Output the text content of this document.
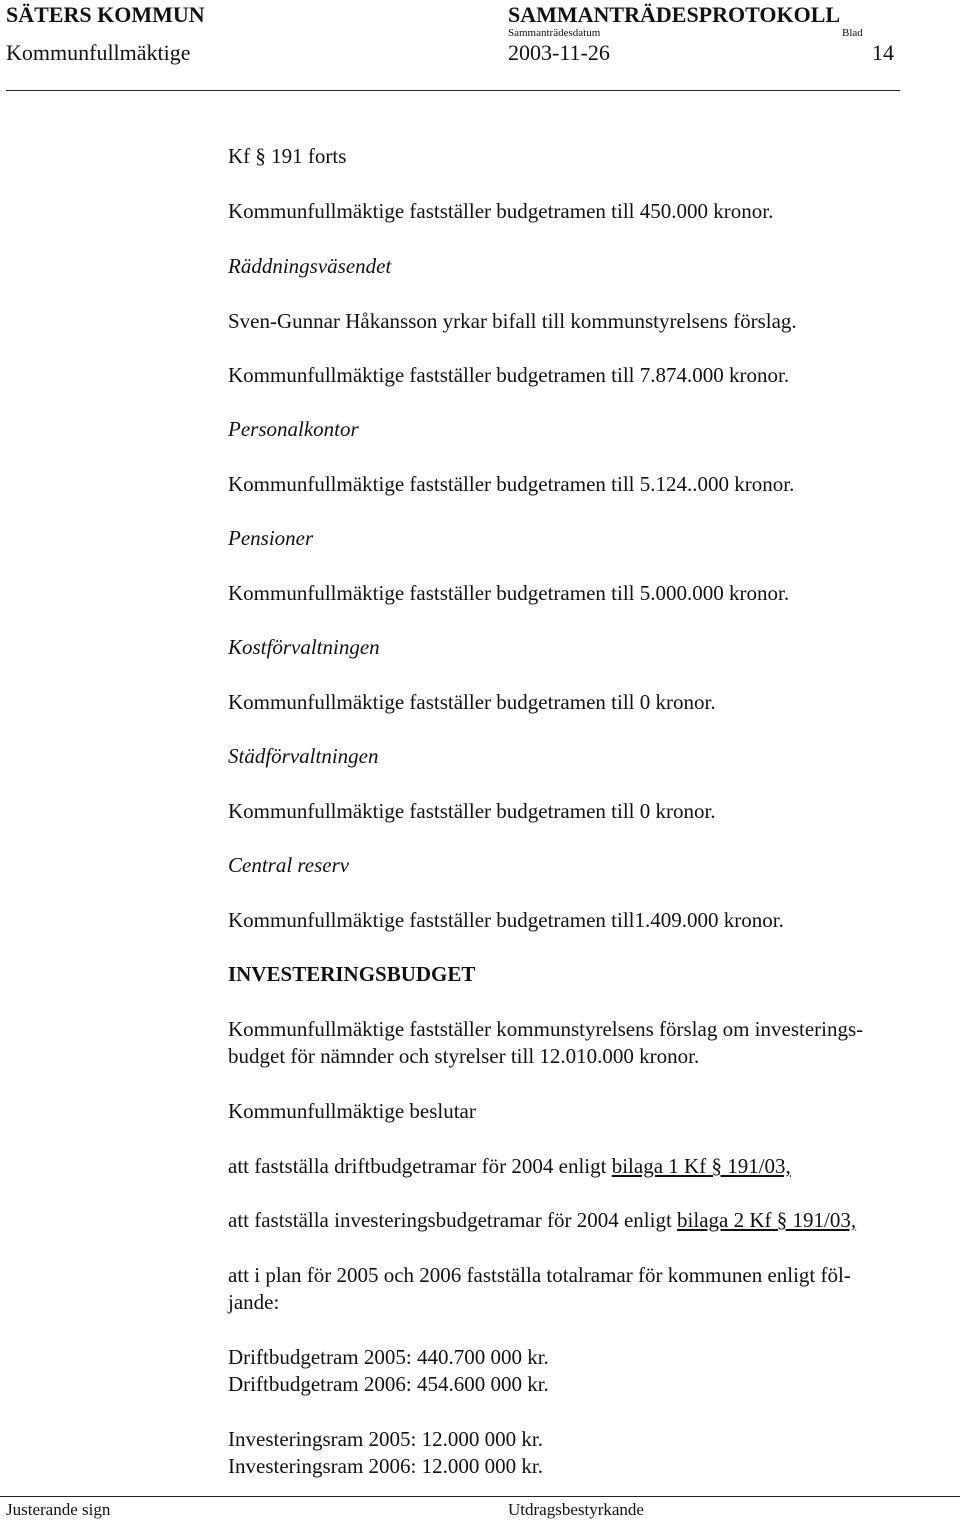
SÄTERS KOMMUN	SAMMANTRÄDESPROTOKOLL
Kommunfullmäktige
Sammanträdesdatum
2003-11-26
Blad
14
Kf § 191 forts
Kommunfullmäktige fastställer budgetramen till 450.000 kronor.
Räddningsväsendet
Sven-Gunnar Håkansson yrkar bifall till kommunstyrelsens förslag.
Kommunfullmäktige fastställer budgetramen till 7.874.000 kronor.
Personalkontor
Kommunfullmäktige fastställer budgetramen till 5.124..000 kronor.
Pensioner
Kommunfullmäktige fastställer budgetramen till 5.000.000 kronor.
Kostförvaltningen
Kommunfullmäktige fastställer budgetramen till 0 kronor.
Städförvaltningen
Kommunfullmäktige fastställer budgetramen till 0 kronor.
Central reserv
Kommunfullmäktige fastställer budgetramen till1.409.000 kronor.
INVESTERINGSBUDGET
Kommunfullmäktige fastställer kommunstyrelsens förslag om investerings-
budget för nämnder och styrelser till 12.010.000 kronor.
Kommunfullmäktige beslutar
att fastställa driftbudgetramar för 2004 enligt bilaga 1 Kf § 191/03,
att fastställa investeringsbudgetramar för 2004 enligt bilaga 2 Kf § 191/03,
att i plan för 2005 och 2006 fastställa totalramar för kommunen enligt föl-
jande:
Driftbudgetram 2005: 440.700 000 kr.
Driftbudgetram 2006: 454.600 000 kr.
Investeringsram 2005: 12.000 000 kr.
Investeringsram 2006: 12.000 000 kr.
Justerande sign	Utdragsbestyrkande
